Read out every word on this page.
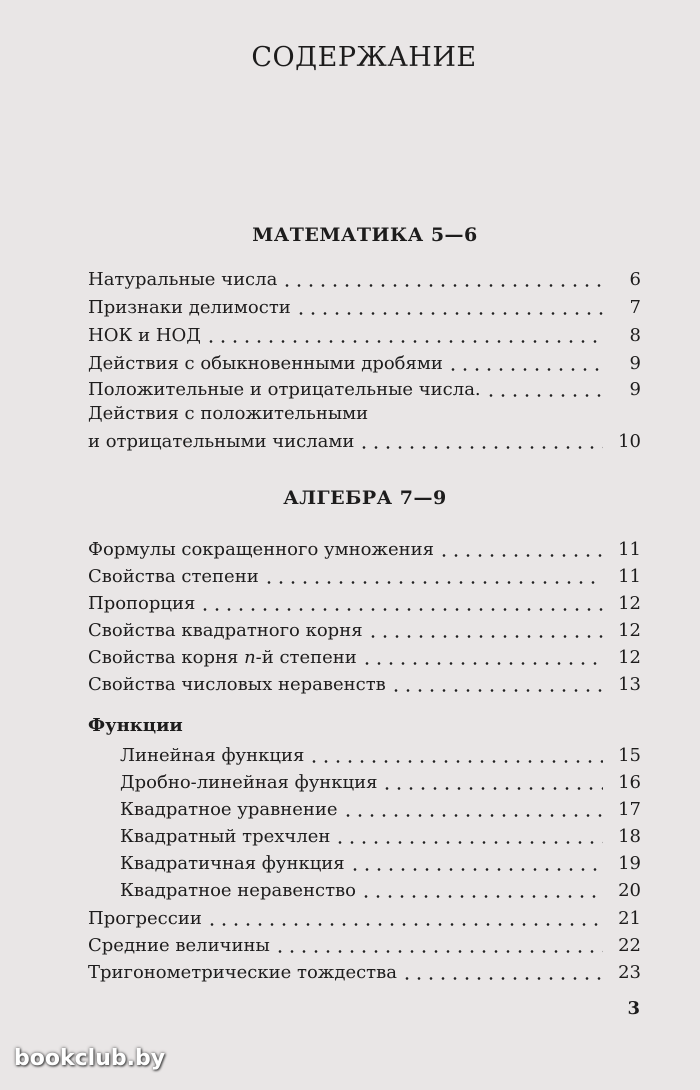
СОДЕРЖАНИЕ
МАТЕМАТИКА 5—6
Натуральные числа	6
Признаки делимости	7
НОК и НОД	8
Действия с обыкновенными дробями	9
Положительные и отрицательные числа.	9
Действия с положительными
и отрицательными числами	10
АЛГЕБРА 7—9
Формулы сокращенного умножения	11
Свойства степени	11
Пропорция	12
Свойства квадратного корня	12
Свойства корня n-й степени	12
Свойства числовых неравенств	13
Функции
Линейная функция	15
Дробно-линейная функция	16
Квадратное уравнение	17
Квадратный трехчлен	18
Квадратичная функция	19
Квадратное неравенство	20
Прогрессии	21
Средние величины	22
Тригонометрические тождества	23
3
bookclub.by
